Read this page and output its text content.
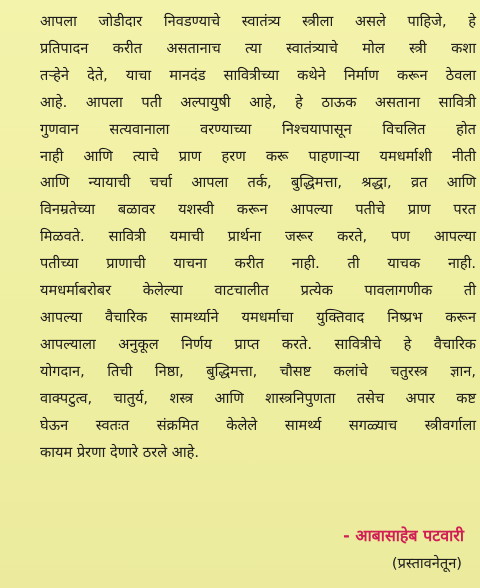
आपला जोडीदार निवडण्याचे स्वातंत्र्य स्त्रीला असले पाहिजे, हे
प्रतिपादन करीत असतानाच त्या स्वातंत्र्याचे मोल स्त्री कशा
तऱ्हेने देते, याचा मानदंड सावित्रीच्या कथेने निर्माण करून ठेवला
आहे. आपला पती अल्पायुषी आहे, हे ठाऊक असताना सावित्री
गुणवान सत्यवानाला वरण्याच्या निश्चयापासून विचलित होत
नाही आणि त्याचे प्राण हरण करू पाहणाऱ्या यमधर्माशी नीती
आणि न्यायाची चर्चा आपला तर्क, बुद्धिमत्ता, श्रद्धा, व्रत आणि
विनम्रतेच्या बळावर यशस्वी करून आपल्या पतीचे प्राण परत
मिळवते. सावित्री यमाची प्रार्थना जरूर करते, पण आपल्या
पतीच्या प्राणाची याचना करीत नाही. ती याचक नाही.
यमधर्माबरोबर केलेल्या वाटचालीत प्रत्येक पावलागणीक ती
आपल्या वैचारिक सामर्थ्याने यमधर्माचा युक्तिवाद निष्प्रभ करून
आपल्याला अनुकूल निर्णय प्राप्त करते. सावित्रीचे हे वैचारिक
योगदान, तिची निष्ठा, बुद्धिमत्ता, चौसष्ट कलांचे चतुरस्त्र ज्ञान,
वाक्पटुत्व, चातुर्य, शस्त्र आणि शास्त्रनिपुणता तसेच अपार कष्ट
घेऊन स्वतःत संक्रमित केलेले सामर्थ्य सगळ्याच स्त्रीवर्गाला
कायम प्रेरणा देणारे ठरले आहे.

- आबासाहेब पटवारी

(प्रस्तावनेतून)
